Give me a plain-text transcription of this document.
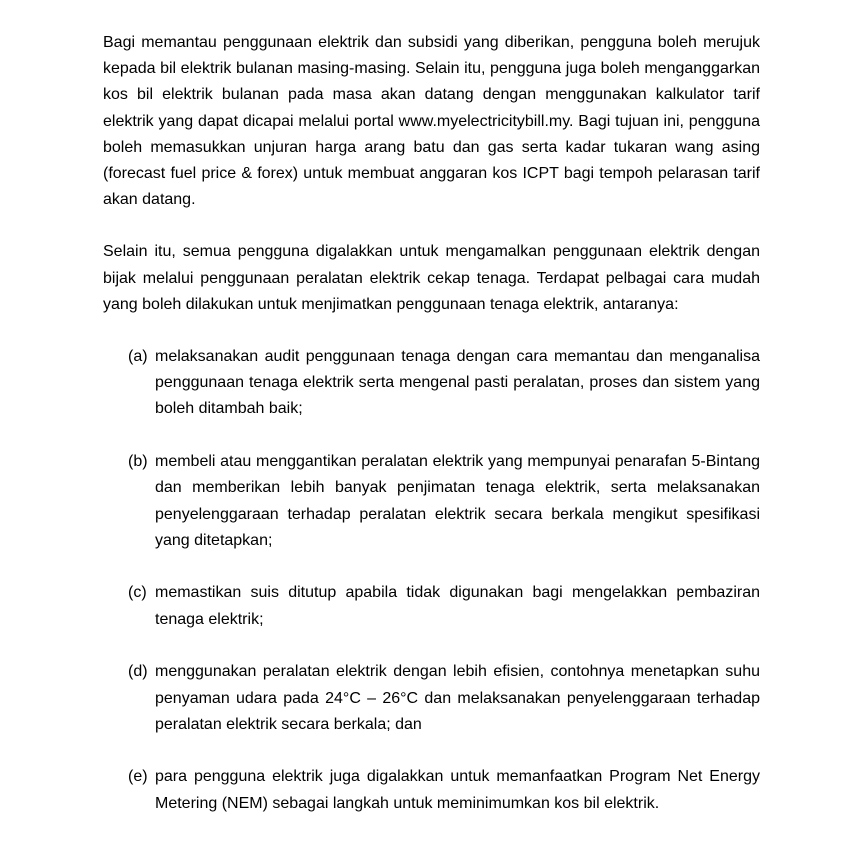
Bagi memantau penggunaan elektrik dan subsidi yang diberikan, pengguna boleh merujuk kepada bil elektrik bulanan masing-masing. Selain itu, pengguna juga boleh menganggarkan kos bil elektrik bulanan pada masa akan datang dengan menggunakan kalkulator tarif elektrik yang dapat dicapai melalui portal www.myelectricitybill.my. Bagi tujuan ini, pengguna boleh memasukkan unjuran harga arang batu dan gas serta kadar tukaran wang asing (forecast fuel price & forex) untuk membuat anggaran kos ICPT bagi tempoh pelarasan tarif akan datang.

Selain itu, semua pengguna digalakkan untuk mengamalkan penggunaan elektrik dengan bijak melalui penggunaan peralatan elektrik cekap tenaga. Terdapat pelbagai cara mudah yang boleh dilakukan untuk menjimatkan penggunaan tenaga elektrik, antaranya:

(a) melaksanakan audit penggunaan tenaga dengan cara memantau dan menganalisa penggunaan tenaga elektrik serta mengenal pasti peralatan, proses dan sistem yang boleh ditambah baik;
(b) membeli atau menggantikan peralatan elektrik yang mempunyai penarafan 5-Bintang dan memberikan lebih banyak penjimatan tenaga elektrik, serta melaksanakan penyelenggaraan terhadap peralatan elektrik secara berkala mengikut spesifikasi yang ditetapkan;
(c) memastikan suis ditutup apabila tidak digunakan bagi mengelakkan pembaziran tenaga elektrik;
(d) menggunakan peralatan elektrik dengan lebih efisien, contohnya menetapkan suhu penyaman udara pada 24°C – 26°C dan melaksanakan penyelenggaraan terhadap peralatan elektrik secara berkala; dan
(e) para pengguna elektrik juga digalakkan untuk memanfaatkan Program Net Energy Metering (NEM) sebagai langkah untuk meminimumkan kos bil elektrik.
